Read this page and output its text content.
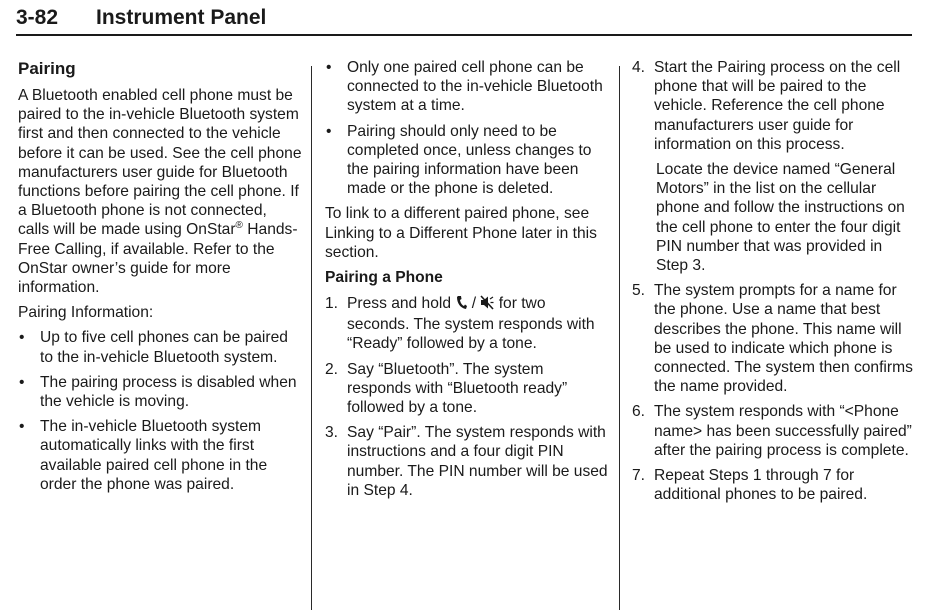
3-82 Instrument Panel
Pairing

A Bluetooth enabled cell phone must be paired to the in-vehicle Bluetooth system first and then connected to the vehicle before it can be used. See the cell phone manufacturers user guide for Bluetooth functions before pairing the cell phone. If a Bluetooth phone is not connected, calls will be made using OnStar® Hands-Free Calling, if available. Refer to the OnStar owner’s guide for more information.

Pairing Information:

• Up to five cell phones can be paired to the in-vehicle Bluetooth system.
• The pairing process is disabled when the vehicle is moving.
• The in-vehicle Bluetooth system automatically links with the first available paired cell phone in the order the phone was paired.
• Only one paired cell phone can be connected to the in-vehicle Bluetooth system at a time.
• Pairing should only need to be completed once, unless changes to the pairing information have been made or the phone is deleted.

To link to a different paired phone, see Linking to a Different Phone later in this section.

Pairing a Phone
1. Press and hold  /  for two seconds. The system responds with “Ready” followed by a tone.
2. Say “Bluetooth”. The system responds with “Bluetooth ready” followed by a tone.
3. Say “Pair”. The system responds with instructions and a four digit PIN number. The PIN number will be used in Step 4.
4. Start the Pairing process on the cell phone that will be paired to the vehicle. Reference the cell phone manufacturers user guide for information on this process.

Locate the device named “General Motors” in the list on the cellular phone and follow the instructions on the cell phone to enter the four digit PIN number that was provided in Step 3.

5. The system prompts for a name for the phone. Use a name that best describes the phone. This name will be used to indicate which phone is connected. The system then confirms the name provided.
6. The system responds with “<Phone name> has been successfully paired” after the pairing process is complete.
7. Repeat Steps 1 through 7 for additional phones to be paired.
